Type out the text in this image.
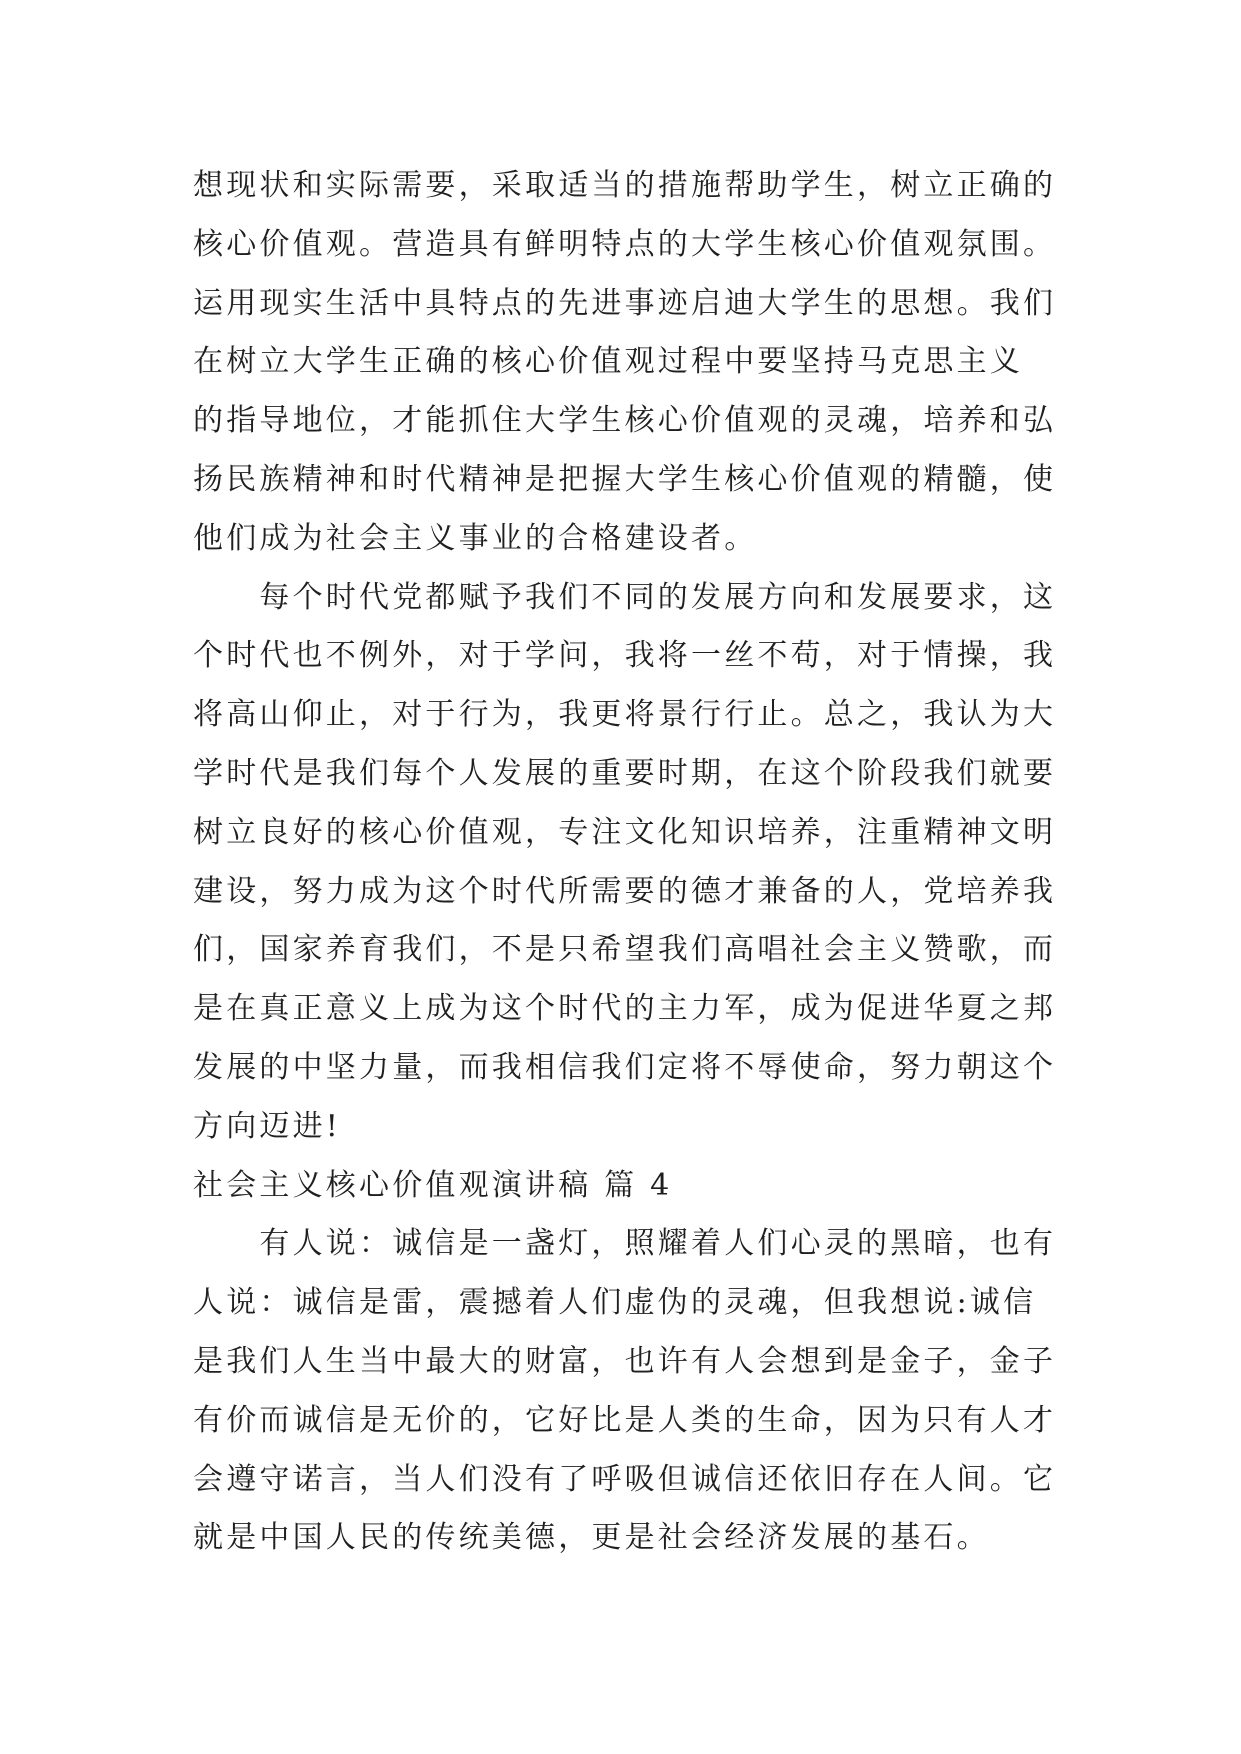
想现状和实际需要，采取适当的措施帮助学生，树立正确的
核心价值观。营造具有鲜明特点的大学生核心价值观氛围。
运用现实生活中具特点的先进事迹启迪大学生的思想。我们
在树立大学生正确的核心价值观过程中要坚持马克思主义
的指导地位，才能抓住大学生核心价值观的灵魂，培养和弘
扬民族精神和时代精神是把握大学生核心价值观的精髓，使
他们成为社会主义事业的合格建设者。
每个时代党都赋予我们不同的发展方向和发展要求，这
个时代也不例外，对于学问，我将一丝不苟，对于情操，我
将高山仰止，对于行为，我更将景行行止。总之，我认为大
学时代是我们每个人发展的重要时期，在这个阶段我们就要
树立良好的核心价值观，专注文化知识培养，注重精神文明
建设，努力成为这个时代所需要的德才兼备的人，党培养我
们，国家养育我们，不是只希望我们高唱社会主义赞歌，而
是在真正意义上成为这个时代的主力军，成为促进华夏之邦
发展的中坚力量，而我相信我们定将不辱使命，努力朝这个
方向迈进!
社会主义核心价值观演讲稿 篇 4
有人说：诚信是一盏灯，照耀着人们心灵的黑暗，也有
人说：诚信是雷，震撼着人们虚伪的灵魂，但我想说:诚信
是我们人生当中最大的财富，也许有人会想到是金子，金子
有价而诚信是无价的，它好比是人类的生命，因为只有人才
会遵守诺言，当人们没有了呼吸但诚信还依旧存在人间。它
就是中国人民的传统美德，更是社会经济发展的基石。
